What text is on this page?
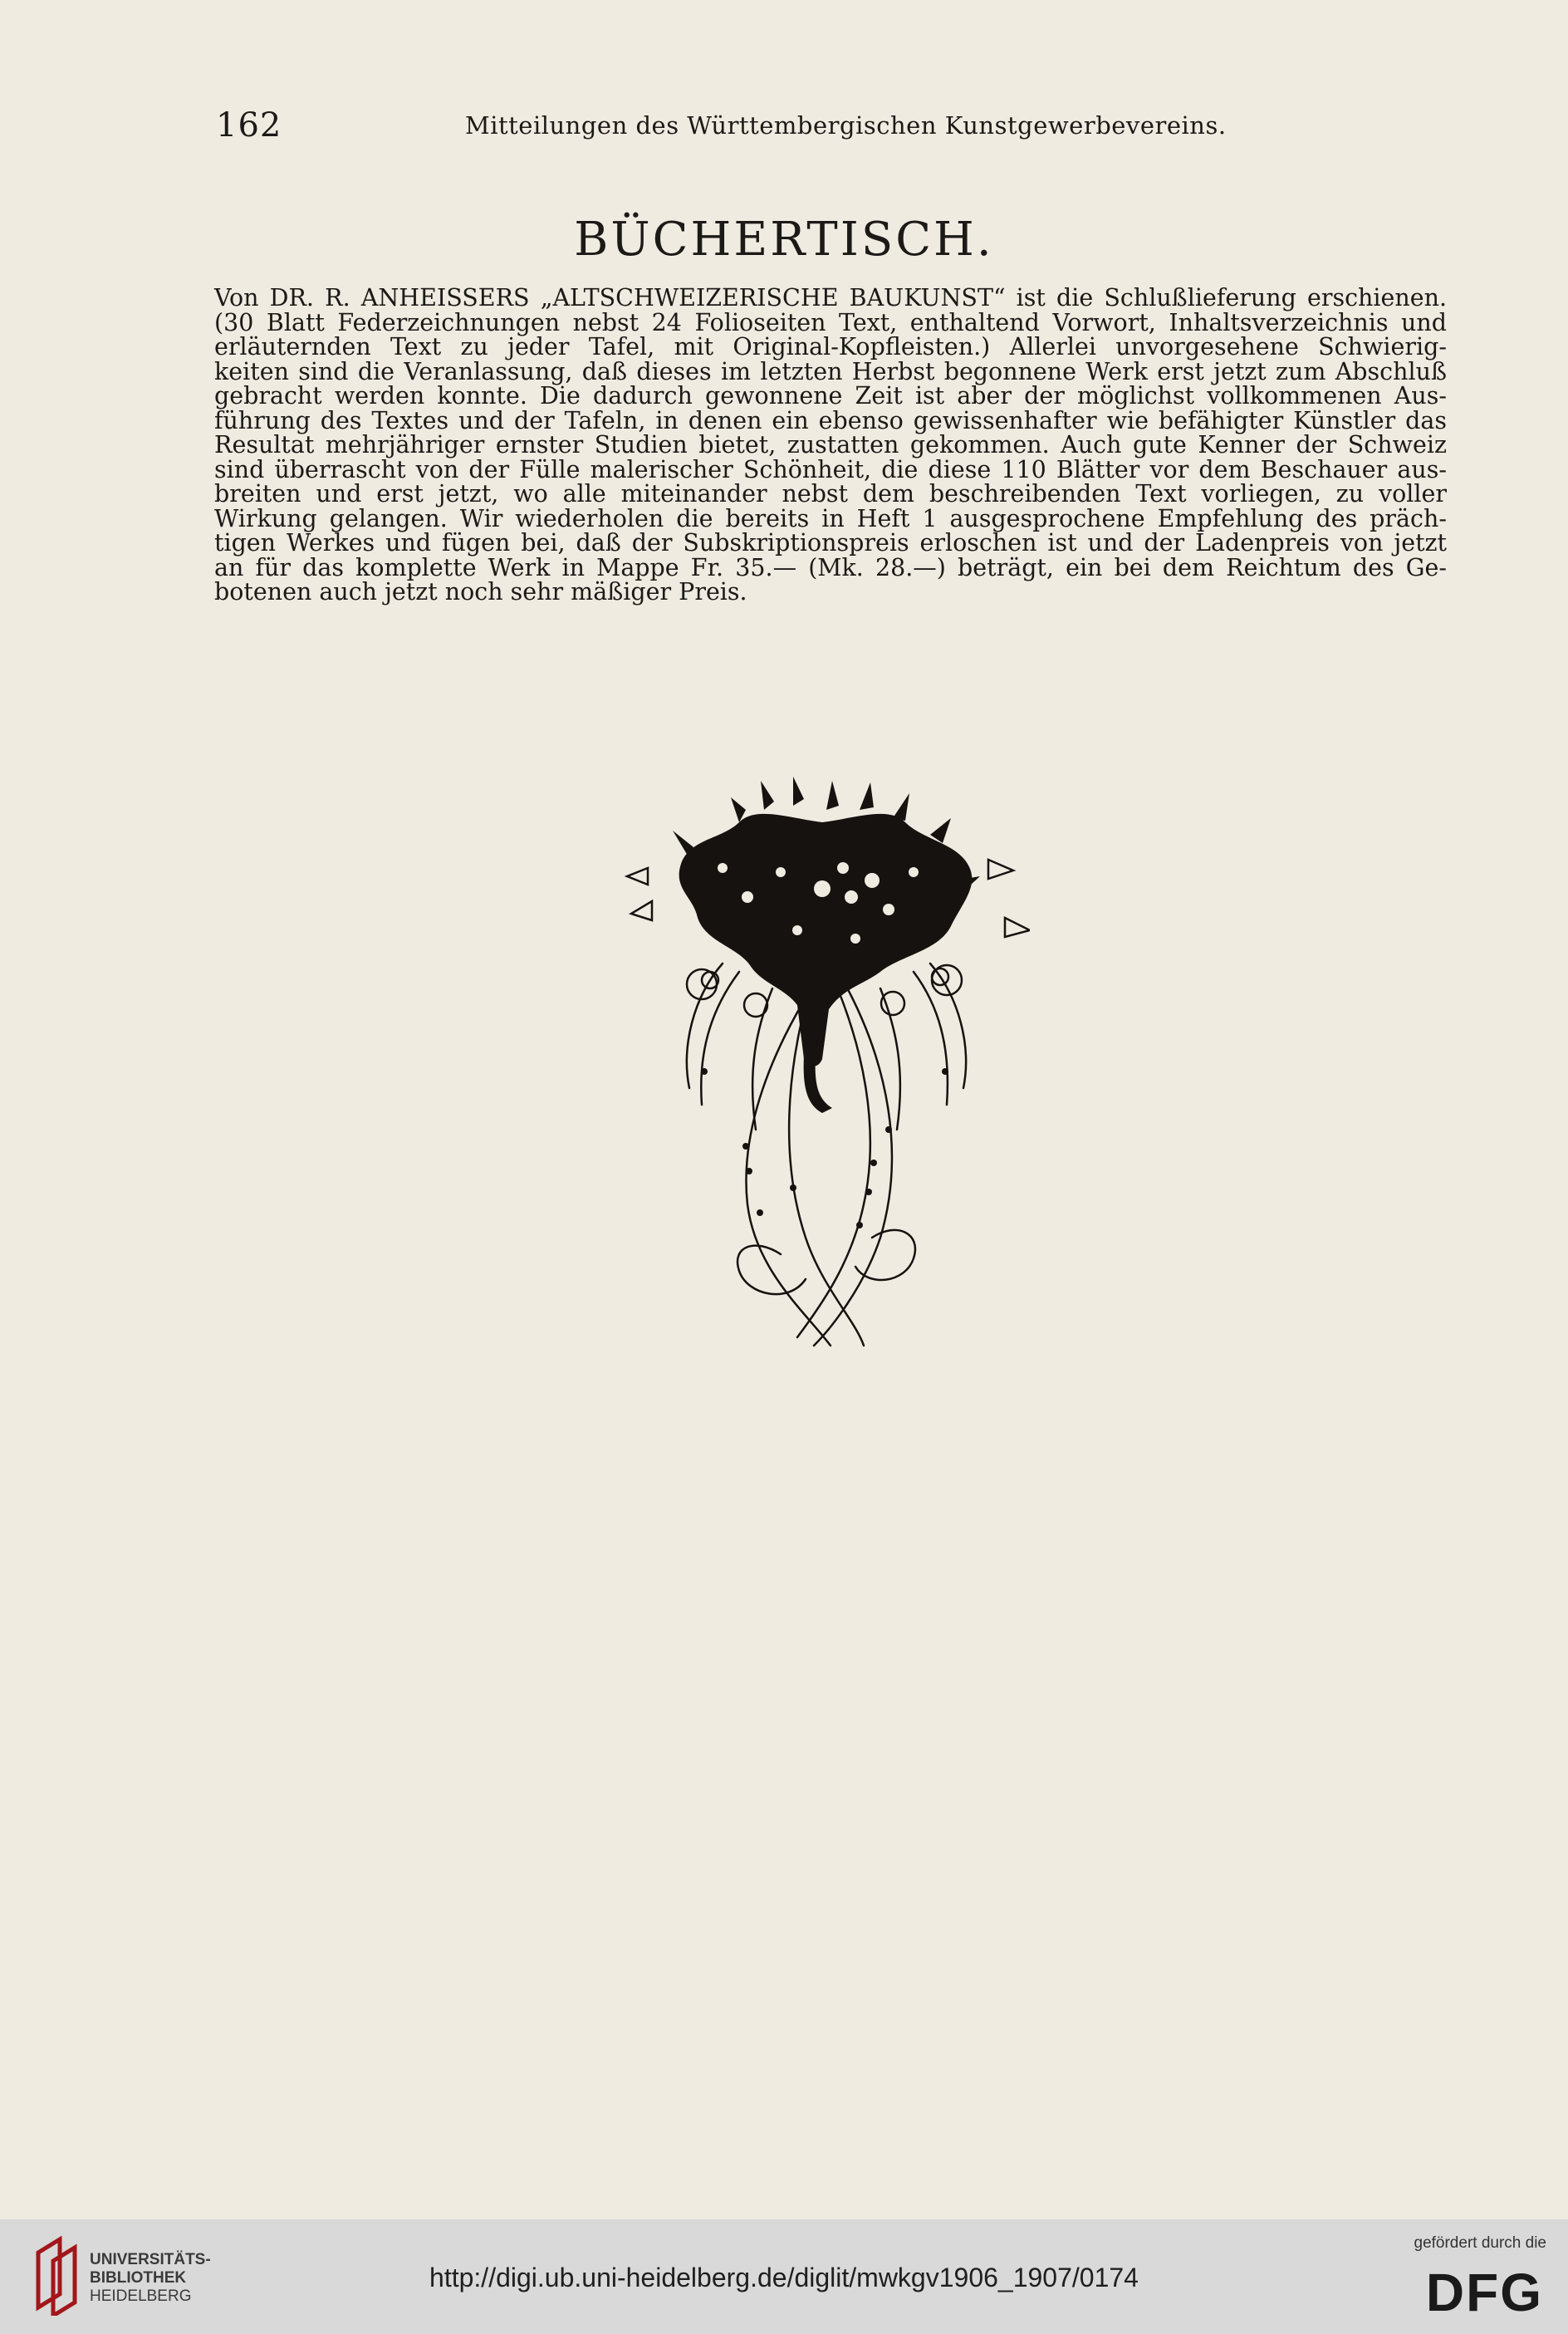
162	Mitteilungen des Württembergischen Kunstgewerbevereins.
BÜCHERTISCH.
Von DR. R. ANHEISSERS „ALTSCHWEIZERISCHE BAUKUNST“ ist die Schlußlieferung erschienen.
(30 Blatt Federzeichnungen nebst 24 Folioseiten Text, enthaltend Vorwort, Inhaltsverzeichnis und
erläuternden Text zu jeder Tafel, mit Original-Kopfleisten.) Allerlei unvorgesehene Schwierig-
keiten sind die Veranlassung, daß dieses im letzten Herbst begonnene Werk erst jetzt zum Abschluß
gebracht werden konnte. Die dadurch gewonnene Zeit ist aber der möglichst vollkommenen Aus-
führung des Textes und der Tafeln, in denen ein ebenso gewissenhafter wie befähigter Künstler das
Resultat mehrjähriger ernster Studien bietet, zustatten gekommen. Auch gute Kenner der Schweiz
sind überrascht von der Fülle malerischer Schönheit, die diese 110 Blätter vor dem Beschauer aus-
breiten und erst jetzt, wo alle miteinander nebst dem beschreibenden Text vorliegen, zu voller
Wirkung gelangen. Wir wiederholen die bereits in Heft 1 ausgesprochene Empfehlung des präch-
tigen Werkes und fügen bei, daß der Subskriptionspreis erloschen ist und der Ladenpreis von jetzt
an für das komplette Werk in Mappe Fr. 35.— (Mk. 28.—) beträgt, ein bei dem Reichtum des Ge-
botenen auch jetzt noch sehr mäßiger Preis.
UNIVERSITÄTS-
BIBLIOTHEK
HEIDELBERG
http://digi.ub.uni-heidelberg.de/diglit/mwkgv1906_1907/0174
gefördert durch die
DFG
